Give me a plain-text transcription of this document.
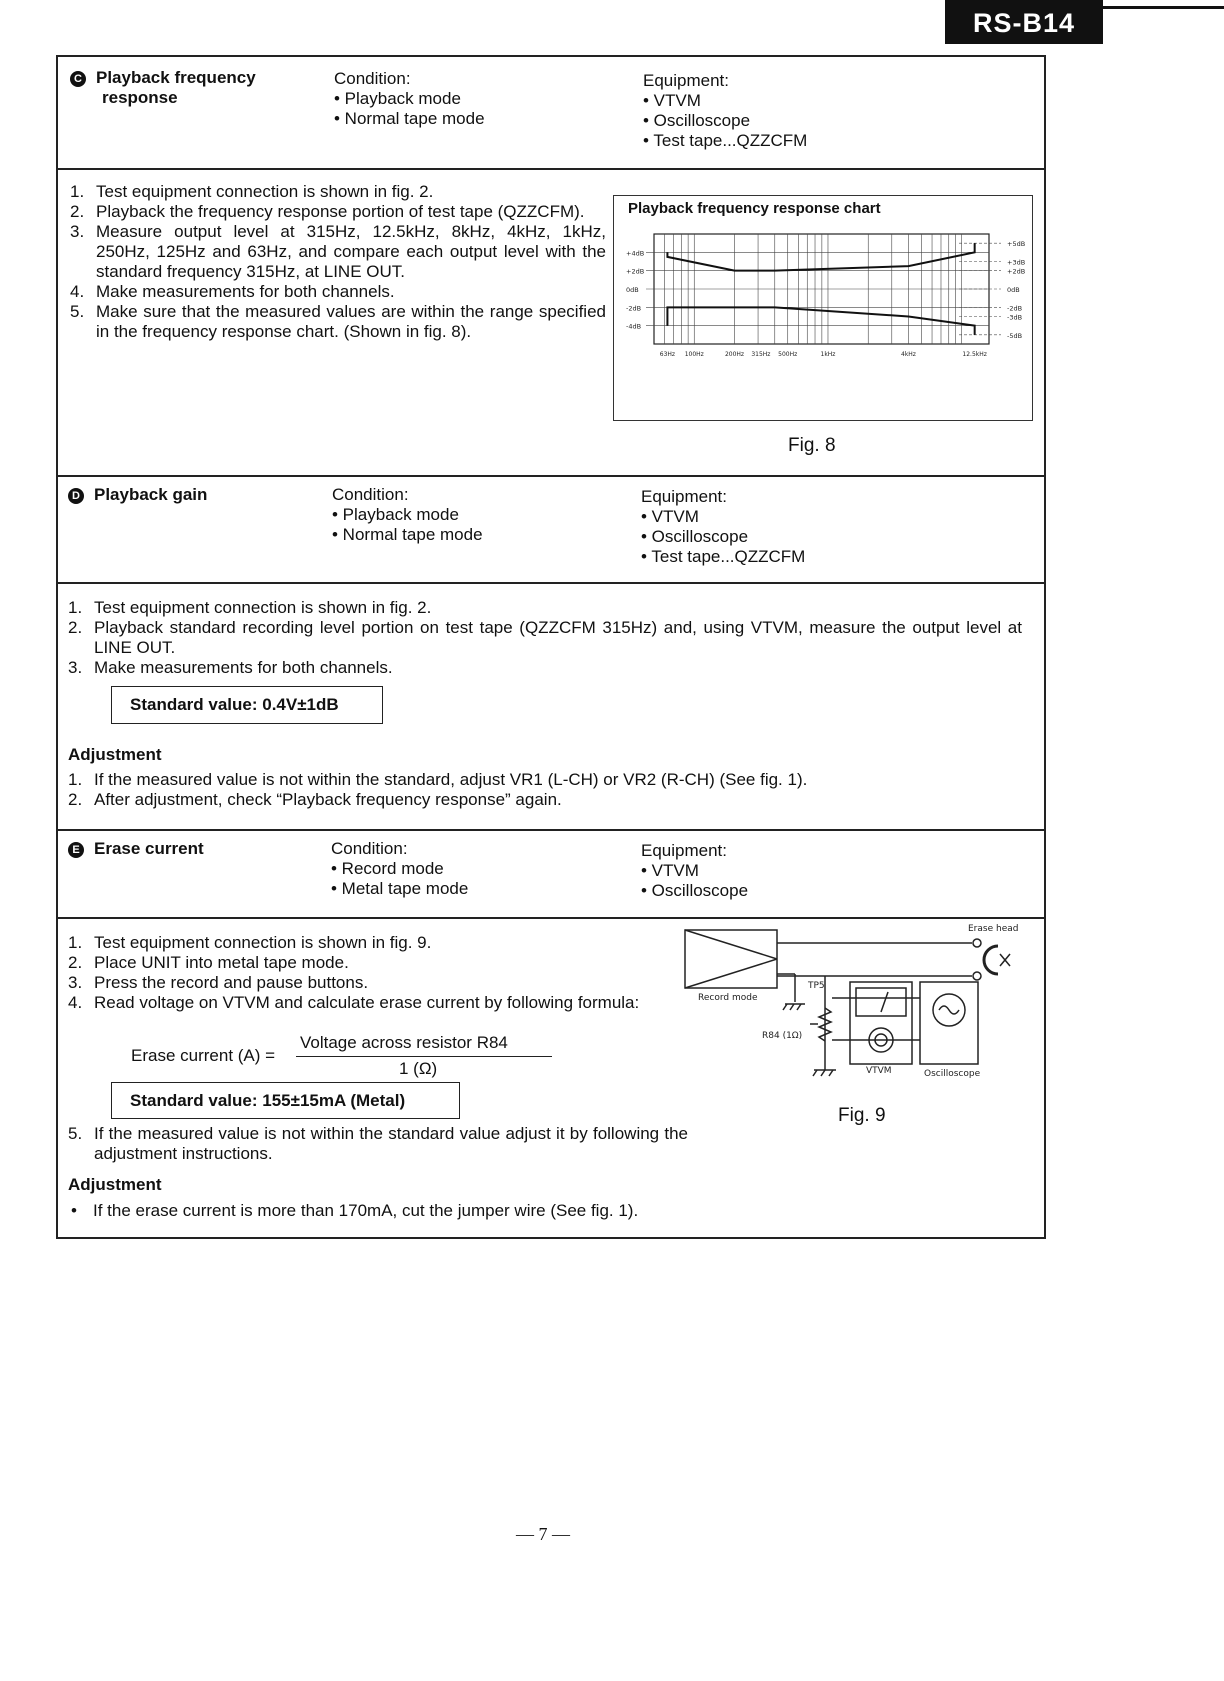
RS-B14
C Playback frequency
response
Condition:
• Playback mode
• Normal tape mode
Equipment:
• VTVM
• Oscilloscope
• Test tape...QZZCFM
1. Test equipment connection is shown in fig. 2.
2. Playback the frequency response portion of test tape (QZZCFM).
3. Measure output level at 315Hz, 12.5kHz, 8kHz, 4kHz, 1kHz, 250Hz, 125Hz and 63Hz, and compare each output level with the standard frequency 315Hz, at LINE OUT.
4. Make measurements for both channels.
5. Make sure that the measured values are within the range specified in the frequency response chart. (Shown in fig. 8).
Playback frequency response chart
+4dB
+2dB
0dB
-2dB
-4dB
+5dB
+3dB
+2dB
0dB
-2dB
-3dB
-5dB
63Hz 100Hz	200Hz 315Hz 500Hz	1kHz	4kHz	12.5kHz
Fig. 8
D Playback gain	Condition:
• Playback mode
• Normal tape mode
Equipment:
• VTVM
• Oscilloscope
• Test tape...QZZCFM
1. Test equipment connection is shown in fig. 2.
2. Playback standard recording level portion on test tape (QZZCFM 315Hz) and, using VTVM, measure the output level at LINE OUT.
3. Make measurements for both channels.
Standard value: 0.4V±1dB
Adjustment
1. If the measured value is not within the standard, adjust VR1 (L-CH) or VR2 (R-CH) (See fig. 1).
2. After adjustment, check “Playback frequency response” again.
E Erase current	Condition:
• Record mode
• Metal tape mode
Equipment:
• VTVM
• Oscilloscope
1. Test equipment connection is shown in fig. 9.
2. Place UNIT into metal tape mode.
3. Press the record and pause buttons.
4. Read voltage on VTVM and calculate erase current by following formula:
Erase current (A) =
Voltage across resistor R84
1 (Ω)
Standard value: 155±15mA (Metal)
5. If the measured value is not within the standard value adjust it by following the adjustment instructions.
Adjustment
• If the erase current is more than 170mA, cut the jumper wire (See fig. 1).
Erase head
Record mode
TP5
R84 (1Ω)
VTVM	Oscilloscope
Fig. 9
— 7 —
